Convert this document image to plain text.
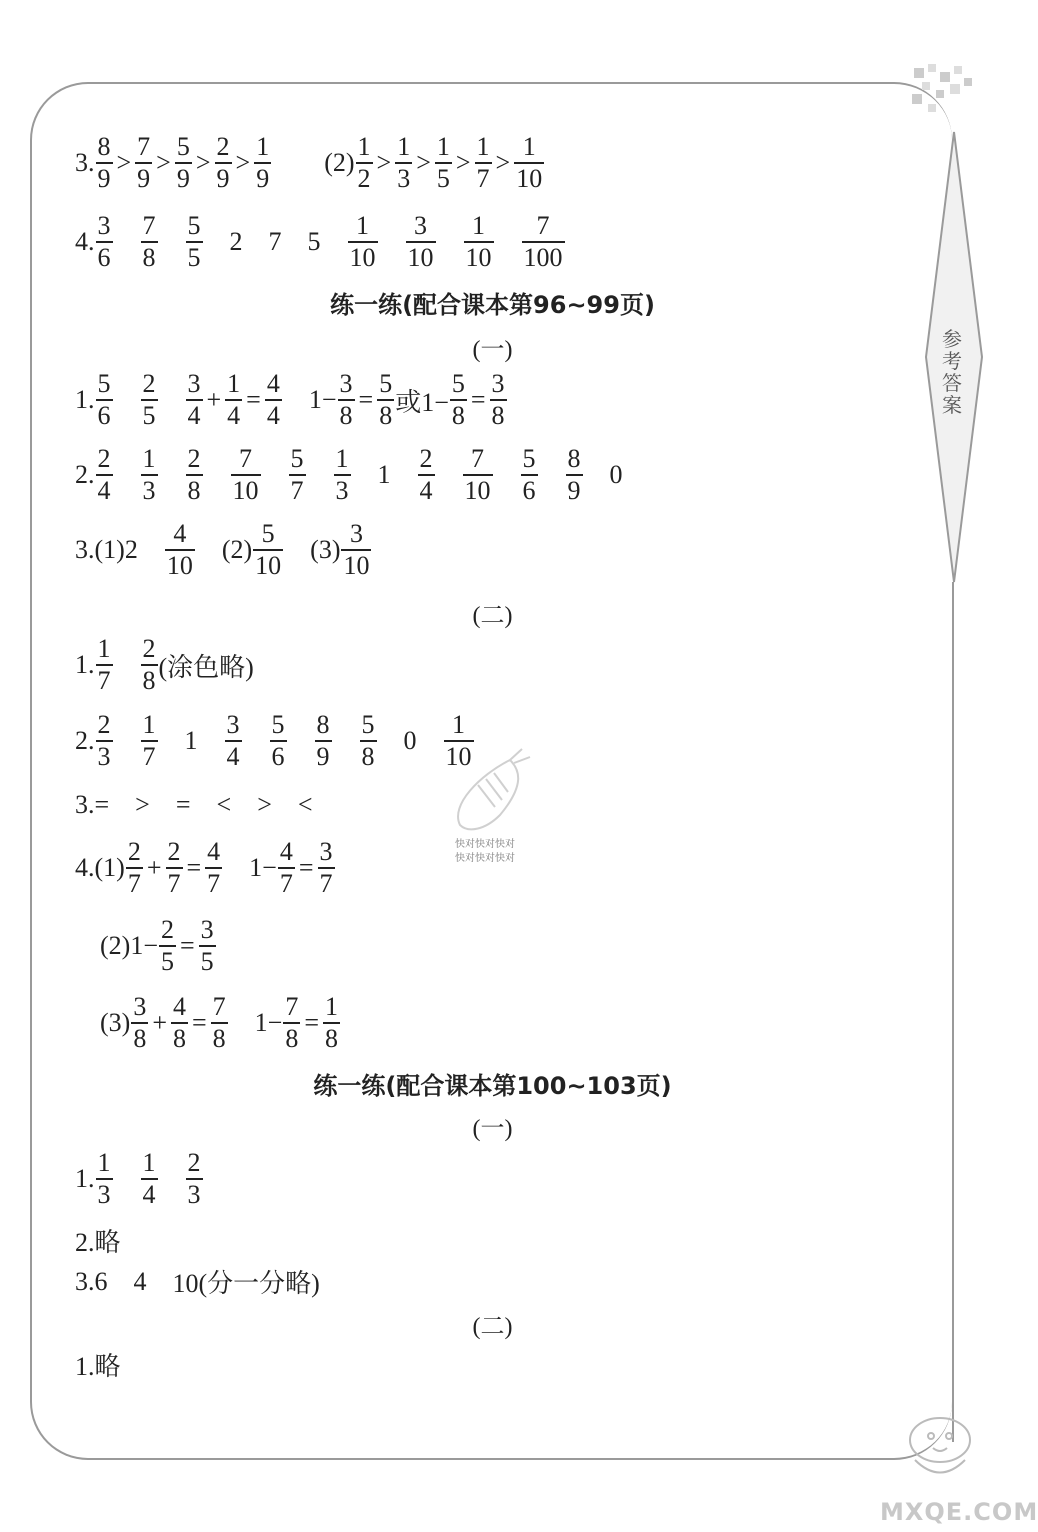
参考答案
3. $\frac{8}{9} > \frac{7}{9} > \frac{5}{9} > \frac{2}{9} > \frac{1}{9} (2) \frac{1}{2} > \frac{1}{3} > \frac{1}{5} > \frac{1}{7} > \frac{1}{10}$
4. $\frac{3}{6} \frac{7}{8} \frac{5}{5} 2$ 7 $5 \frac{1}{10} \frac{3}{10} \frac{1}{10} \frac{7}{100}$
练一练(配合课本第96~99页)
(一)
1. $\frac{5}{6} \frac{2}{5} \frac{3}{4} + \frac{1}{4} = \frac{4}{4} 1- \frac{3}{8} = \frac{5}{8}$ 或$1- \frac{5}{8} = \frac{3}{8}$
2. $\frac{2}{4} \frac{1}{3} \frac{2}{8} \frac{7}{10} \frac{5}{7} \frac{1}{3} 1 \frac{2}{4} \frac{7}{10} \frac{5}{6} \frac{8}{9} 0$
$3.(1)2 \frac{4}{10} (2) \frac{5}{10} (3) \frac{3}{10}$
(二)
1. $\frac{1}{7} \frac{2}{8}$ (涂色略)
2. $\frac{2}{3} \frac{1}{7} 1 \frac{3}{4} \frac{5}{6} \frac{8}{9} \frac{5}{8} 0 \frac{1}{10}$
3.= > = < > <
$4.(1) \frac{2}{7} + \frac{2}{7} = \frac{4}{7} 1- \frac{4}{7} = \frac{3}{7}$
$(2)1- \frac{2}{5} = \frac{3}{5}$
$(3) \frac{3}{8} + \frac{4}{8} = \frac{7}{8} 1- \frac{7}{8} = \frac{1}{8}$
练一练(配合课本第100~103页)
(一)
1. $\frac{1}{3} \frac{1}{4} \frac{2}{3}$
2.略
3.6 4 10(分一分略)
(二)
1.略
快对快对快对
快对快对快对
MXQE.COM
